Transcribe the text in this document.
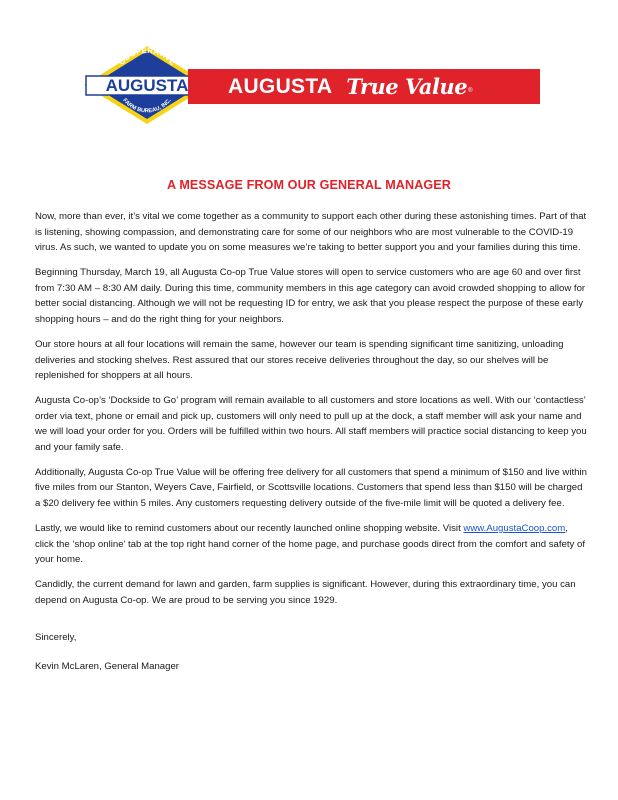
COOPERATIVE
AUGUSTA
FARM BUREAU, INC.
AUGUSTA True Value ®
A MESSAGE FROM OUR GENERAL MANAGER

Now, more than ever, it’s vital we come together as a community to support each other during these astonishing times. Part of that is listening, showing compassion, and demonstrating care for some of our neighbors who are most vulnerable to the COVID-19 virus. As such, we wanted to update you on some measures we’re taking to better support you and your families during this time.

Beginning Thursday, March 19, all Augusta Co-op True Value stores will open to service customers who are age 60 and over first from 7:30 AM – 8:30 AM daily. During this time, community members in this age category can avoid crowded shopping to allow for better social distancing. Although we will not be requesting ID for entry, we ask that you please respect the purpose of these early shopping hours – and do the right thing for your neighbors.

Our store hours at all four locations will remain the same, however our team is spending significant time sanitizing, unloading deliveries and stocking shelves. Rest assured that our stores receive deliveries throughout the day, so our shelves will be replenished for shoppers at all hours.

Augusta Co-op’s ‘Dockside to Go’ program will remain available to all customers and store locations as well. With our ‘contactless’ order via text, phone or email and pick up, customers will only need to pull up at the dock, a staff member will ask your name and we will load your order for you. Orders will be fulfilled within two hours. All staff members will practice social distancing to keep you and your family safe.

Additionally, Augusta Co-op True Value will be offering free delivery for all customers that spend a minimum of $150 and live within five miles from our Stanton, Weyers Cave, Fairfield, or Scottsville locations. Customers that spend less than $150 will be charged a $20 delivery fee within 5 miles. Any customers requesting delivery outside of the five-mile limit will be quoted a delivery fee.

Lastly, we would like to remind customers about our recently launched online shopping website. Visit www.AugustaCoop.com, click the ‘shop online’ tab at the top right hand corner of the home page, and purchase goods direct from the comfort and safety of your home.

Candidly, the current demand for lawn and garden, farm supplies is significant. However, during this extraordinary time, you can depend on Augusta Co-op. We are proud to be serving you since 1929.

Sincerely,

Kevin McLaren, General Manager
